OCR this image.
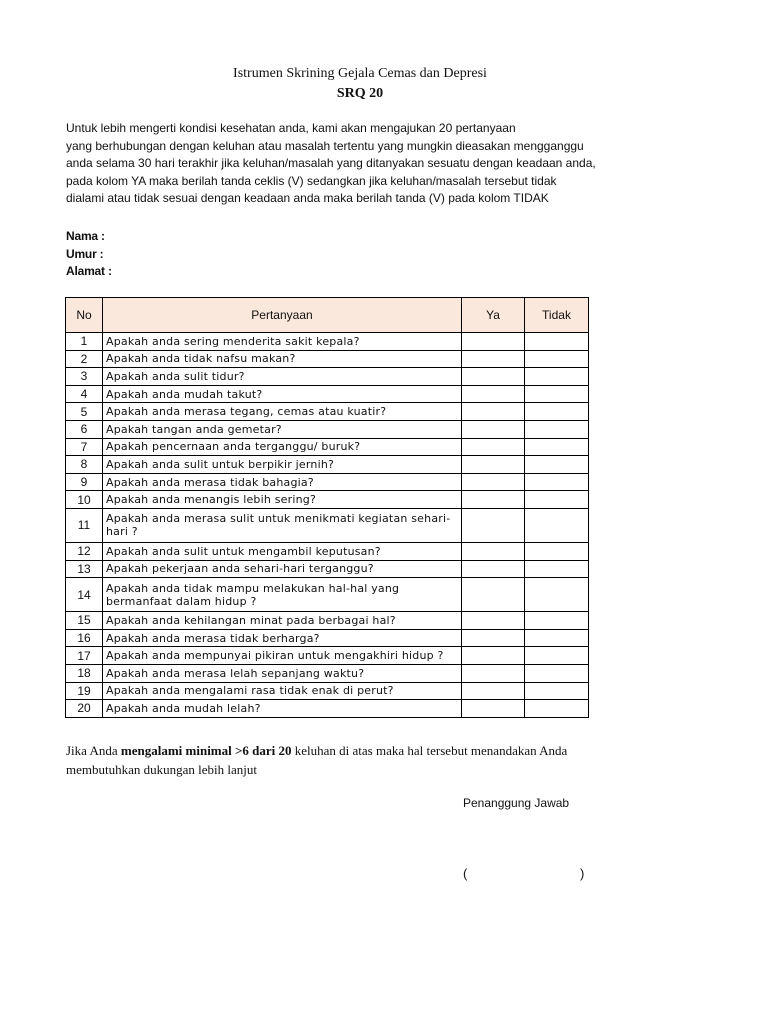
Istrumen Skrining Gejala Cemas dan Depresi
SRQ 20

Untuk lebih mengerti kondisi kesehatan anda, kami akan mengajukan 20 pertanyaan
yang berhubungan dengan keluhan atau masalah tertentu yang mungkin dieasakan mengganggu
anda selama 30 hari terakhir jika keluhan/masalah yang ditanyakan sesuatu dengan keadaan anda,
pada kolom YA maka berilah tanda ceklis (V) sedangkan jika keluhan/masalah tersebut tidak
dialami atau tidak sesuai dengan keadaan anda maka berilah tanda (V) pada kolom TIDAK

Nama :
Umur :
Alamat :
No	Pertanyaan	Ya	Tidak
1	Apakah anda sering menderita sakit kepala?		
2	Apakah anda tidak nafsu makan?		
3	Apakah anda sulit tidur?		
4	Apakah anda mudah takut?		
5	Apakah anda merasa tegang, cemas atau kuatir?		
6	Apakah tangan anda gemetar?		
7	Apakah pencernaan anda terganggu/ buruk?		
8	Apakah anda sulit untuk berpikir jernih?		
9	Apakah anda merasa tidak bahagia?		
10	Apakah anda menangis lebih sering?		
11	Apakah anda merasa sulit untuk menikmati kegiatan sehari-hari ?		
12	Apakah anda sulit untuk mengambil keputusan?		
13	Apakah pekerjaan anda sehari-hari terganggu?		
14	Apakah anda tidak mampu melakukan hal-hal yang bermanfaat dalam hidup ?		
15	Apakah anda kehilangan minat pada berbagai hal?		
16	Apakah anda merasa tidak berharga?		
17	Apakah anda mempunyai pikiran untuk mengakhiri hidup ?		
18	Apakah anda merasa lelah sepanjang waktu?		
19	Apakah anda mengalami rasa tidak enak di perut?		
20	Apakah anda mudah lelah?		

Jika Anda mengalami minimal >6 dari 20 keluhan di atas maka hal tersebut menandakan Anda membutuhkan dukungan lebih lanjut

Penanggung Jawab
(	)
